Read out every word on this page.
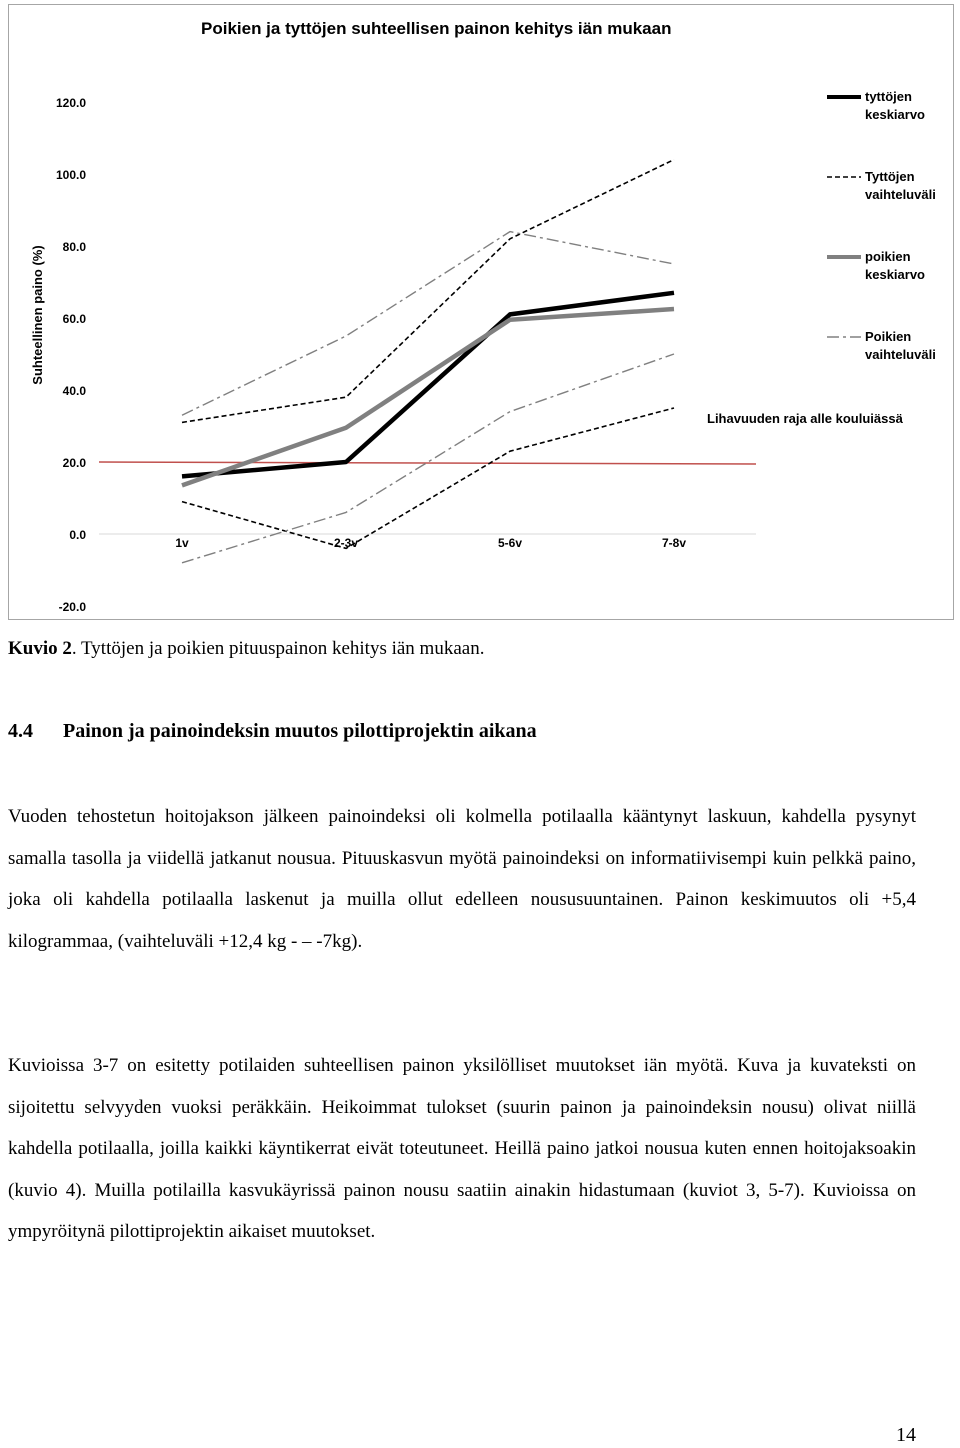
Poikien ja tyttöjen suhteellisen painon kehitys iän mukaan
-20.0
0.0
20.0
40.0
60.0
80.0
100.0
120.0
Suhteellinen paino (%)
1v	2-3v	5-6v	7-8v
Lihavuuden raja alle kouluiässä
tyttöjen
keskiarvo
Tyttöjen
vaihteluväli
poikien
keskiarvo
Poikien
vaihteluväli
Kuvio 2. Tyttöjen ja poikien pituuspainon kehitys iän mukaan.
4.4 Painon ja painoindeksin muutos pilottiprojektin aikana

Vuoden tehostetun hoitojakson jälkeen painoindeksi oli kolmella potilaalla kääntynyt laskuun, kahdella pysynyt samalla tasolla ja viidellä jatkanut nousua. Pituuskasvun myötä painoindeksi on informatiivisempi kuin pelkkä paino, joka oli kahdella potilaalla laskenut ja muilla ollut edelleen noususuuntainen. Painon keskimuutos oli +5,4 kilogrammaa, (vaihteluväli +12,4 kg - – -7kg).

Kuvioissa 3-7 on esitetty potilaiden suhteellisen painon yksilölliset muutokset iän myötä. Kuva ja kuvateksti on sijoitettu selvyyden vuoksi peräkkäin. Heikoimmat tulokset (suurin painon ja painoindeksin nousu) olivat niillä kahdella potilaalla, joilla kaikki käyntikerrat eivät toteutuneet. Heillä paino jatkoi nousua kuten ennen hoitojaksoakin (kuvio 4). Muilla potilailla kasvukäyrissä painon nousu saatiin ainakin hidastumaan (kuviot 3, 5-7). Kuvioissa on ympyröitynä pilottiprojektin aikaiset muutokset.

14
